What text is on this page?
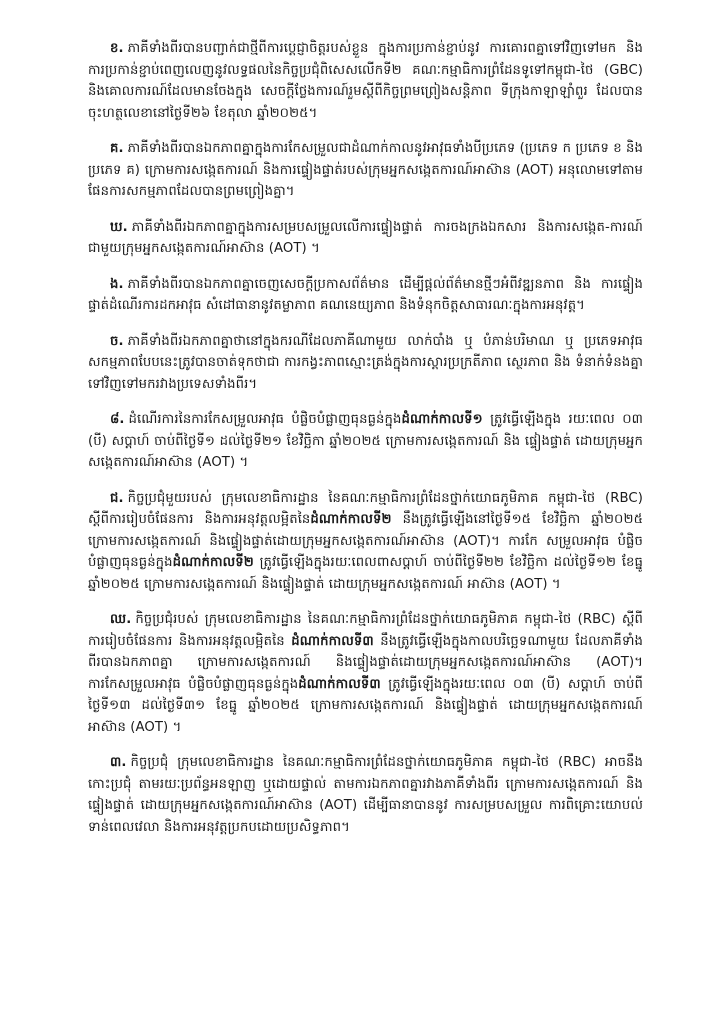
ខ. ភាគីទាំងពីរបានបញ្ជាក់ជាថ្មីពីការប្តេជ្ញាចិត្តរបស់ខ្លួន ក្នុងការប្រកាន់ខ្ជាប់នូវ ការគោរពគ្នាទៅវិញទៅមក និងការប្រកាន់ខ្ជាប់ពេញលេញនូវលទ្ធផលនៃកិច្ចប្រជុំពិសេសលើកទី២ គណៈកម្មាធិការព្រំដែនទូទៅកម្ពុជា-ថៃ (GBC) និងគោលការណ៍ដែលមានចែងក្នុង សេចក្តីថ្លែងការណ៍រួមស្តីពីកិច្ចព្រមព្រៀងសន្តិភាព ទីក្រុងកាឡាឡាំពួរ ដែលបានចុះហត្ថលេខានៅថ្ងៃទី២៦ ខែតុលា ឆ្នាំ២០២៥។

គ. ភាគីទាំងពីរបានឯកភាពគ្នាក្នុងការកែសម្រួលជាដំណាក់កាលនូវអាវុធទាំងបីប្រភេទ (ប្រភេទ ក ប្រភេទ ខ និងប្រភេទ គ) ក្រោមការសង្កេតការណ៍ និងការផ្ទៀងផ្ទាត់របស់ក្រុមអ្នកសង្កេតការណ៍អាស៊ាន (AOT) អនុលោមទៅតាមផែនការសកម្មភាពដែលបានព្រមព្រៀងគ្នា។

ឃ. ភាគីទាំងពីរឯកភាពគ្នាក្នុងការសម្របសម្រួលលើការផ្ទៀងផ្ទាត់ ការចងក្រងឯកសារ និងការសង្កេត-ការណ៍ ជាមួយក្រុមអ្នកសង្កេតការណ៍អាស៊ាន (AOT) ។

ង. ភាគីទាំងពីរបានឯកភាពគ្នាចេញសេចក្តីប្រកាសព័ត៌មាន ដើម្បីផ្តល់ព័ត៌មានថ្មីៗអំពីវឌ្ឍនភាព និង ការផ្ទៀងផ្ទាត់ដំណើរការដកអាវុធ សំដៅធានានូវតម្លាភាព គណនេយ្យភាព និងទំនុកចិត្តសាធារណៈក្នុងការអនុវត្ត។

ច. ភាគីទាំងពីរឯកភាពគ្នាថានៅក្នុងករណីដែលភាគីណាមួយ លាក់បាំង ឬ បំភាន់បរិមាណ ឬ ប្រភេទអាវុធ សកម្មភាពបែបនេះត្រូវបានចាត់ទុកថាជា ការកង្វះភាពស្មោះត្រង់ក្នុងការស្តារប្រក្រតីភាព ស្ថេរភាព និង ទំនាក់ទំនងគ្នាទៅវិញទៅមករវាងប្រទេសទាំងពីរ។

៨. ដំណើរការនៃការកែសម្រួលអាវុធ បំផ្លិចបំផ្លាញធុនធ្ងន់ក្នុងដំណាក់កាលទី១ ត្រូវធ្វើឡើងក្នុង រយៈពេល ០៣ (បី) សប្តាហ៍ ចាប់ពីថ្ងៃទី១ ដល់ថ្ងៃទី២១ ខែវិច្ឆិកា ឆ្នាំ២០២៥ ក្រោមការសង្កេតការណ៍ និង ផ្ទៀងផ្ទាត់ ដោយក្រុមអ្នកសង្កេតការណ៍អាស៊ាន (AOT) ។

ជ. កិច្ចប្រជុំមួយរបស់ ក្រុមលេខាធិការដ្ឋាន នៃគណៈកម្មាធិការព្រំដែនថ្នាក់យោធភូមិភាគ កម្ពុជា-ថៃ (RBC) ស្តីពីការរៀបចំផែនការ និងការអនុវត្តលម្អិតនៃដំណាក់កាលទី២ នឹងត្រូវធ្វើឡើងនៅថ្ងៃទី១៥ ខែវិច្ឆិកា ឆ្នាំ២០២៥ ក្រោមការសង្កេតការណ៍ និងផ្ទៀងផ្ទាត់ដោយក្រុមអ្នកសង្កេតការណ៍អាស៊ាន (AOT)។ ការកែ សម្រួលអាវុធ បំផ្លិចបំផ្លាញធុនធ្ងន់ក្នុងដំណាក់កាលទី២ ត្រូវធ្វើឡើងក្នុងរយៈពេលពាសប្តាហ៍ ចាប់ពីថ្ងៃទី២២ ខែវិច្ឆិកា ដល់ថ្ងៃទី១២ ខែធ្នូ ឆ្នាំ២០២៥ ក្រោមការសង្កេតការណ៍ និងផ្ទៀងផ្ទាត់ ដោយក្រុមអ្នកសង្កេតការណ៍ អាស៊ាន (AOT) ។

ឈ. កិច្ចប្រជុំរបស់ ក្រុមលេខាធិការដ្ឋាន នៃគណៈកម្មាធិការព្រំដែនថ្នាក់យោធភូមិភាគ កម្ពុជា-ថៃ (RBC) ស្តីពីការរៀបចំផែនការ និងការអនុវត្តលម្អិតនៃ ដំណាក់កាលទី៣ នឹងត្រូវធ្វើឡើងក្នុងកាលបរិច្ឆេទណាមួយ ដែលភាគីទាំងពីរបានឯកភាពគ្នា ក្រោមការសង្កេតការណ៍ និងផ្ទៀងផ្ទាត់ដោយក្រុមអ្នកសង្កេតការណ៍អាស៊ាន (AOT)។ ការកែសម្រួលអាវុធ បំផ្លិចបំផ្លាញធុនធ្ងន់ក្នុងដំណាក់កាលទី៣ ត្រូវធ្វើឡើងក្នុងរយៈពេល ០៣ (បី) សប្តាហ៍ ចាប់ពីថ្ងៃទី១៣ ដល់ថ្ងៃទី៣១ ខែធ្នូ ឆ្នាំ២០២៥ ក្រោមការសង្កេតការណ៍ និងផ្ទៀងផ្ទាត់ ដោយក្រុមអ្នកសង្កេតការណ៍ អាស៊ាន (AOT) ។

៣. កិច្ចប្រជុំ ក្រុមលេខាធិការដ្ឋាន នៃគណៈកម្មាធិការព្រំដែនថ្នាក់យោធភូមិភាគ កម្ពុជា-ថៃ (RBC) អាចនឹង កោះប្រជុំ តាមរយៈប្រព័ន្ធអនឡាញ ឬដោយផ្ទាល់ តាមការឯកភាពគ្នារវាងភាគីទាំងពីរ ក្រោមការសង្កេតការណ៍ និងផ្ទៀងផ្ទាត់ ដោយក្រុមអ្នកសង្កេតការណ៍អាស៊ាន (AOT) ដើម្បីធានាបាននូវ ការសម្របសម្រួល ការពិគ្រោះយោបល់ទាន់ពេលវេលា និងការអនុវត្តប្រកបដោយប្រសិទ្ធភាព។
